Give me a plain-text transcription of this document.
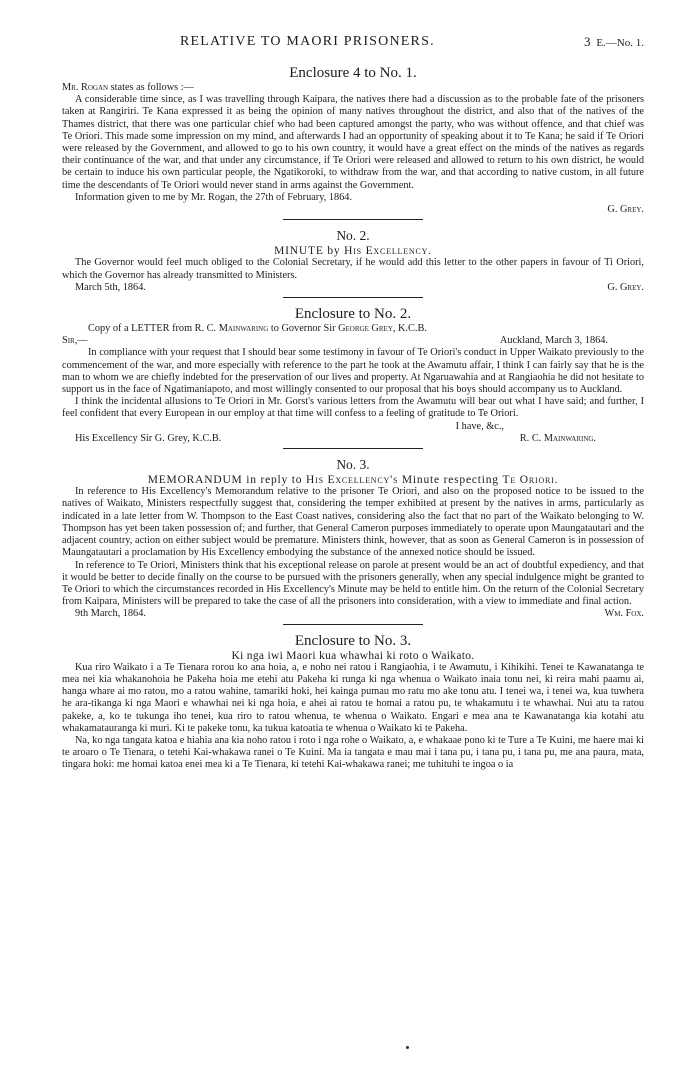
RELATIVE TO MAORI PRISONERS.	3 E.—No. 1.
Enclosure 4 to No. 1.

Mr. Rogan states as follows :—

A considerable time since, as I was travelling through Kaipara, the natives there had a discussion as to the probable fate of the prisoners taken at Rangiriri. Te Kana expressed it as being the opinion of many natives throughout the district, and also that of the natives of the Thames district, that there was one particular chief who had been captured amongst the party, who was without offence, and that chief was Te Oriori. This made some impression on my mind, and afterwards I had an opportunity of speaking about it to Te Kana; he said if Te Oriori were released by the Government, and allowed to go to his own country, it would have a great effect on the minds of the natives as regards their continuance of the war, and that under any circumstance, if Te Oriori were released and allowed to return to his own district, he would be certain to induce his own particular people, the Ngatikoroki, to withdraw from the war, and that according to native custom, in all future time the descendants of Te Oriori would never stand in arms against the Government.

Information given to me by Mr. Rogan, the 27th of February, 1864.

G. Grey.

No. 2.
MINUTE by His Excellency.

The Governor would feel much obliged to the Colonial Secretary, if he would add this letter to the other papers in favour of Ti Oriori, which the Governor has already transmitted to Ministers.

March 5th, 1864.	G. Grey.
Enclosure to No. 2.

Copy of a LETTER from R. C. Mainwaring to Governor Sir George Grey, K.C.B.

Sir,—	Auckland, March 3, 1864.

In compliance with your request that I should bear some testimony in favour of Te Oriori's conduct in Upper Waikato previously to the commencement of the war, and more especially with reference to the part he took at the Awamutu affair, I think I can fairly say that he is the man to whom we are chiefly indebted for the preservation of our lives and property. At Ngaruawahia and at Rangiaohia he did not hesitate to support us in the face of Ngatimaniapoto, and most willingly consented to our proposal that his boys should accompany us to Auckland.

I think the incidental allusions to Te Oriori in Mr. Gorst's various letters from the Awamutu will bear out what I have said; and further, I feel confident that every European in our employ at that time will confess to a feeling of gratitude to Te Oriori.

I have, &c.,

His Excellency Sir G. Grey, K.C.B.	R. C. Mainwaring.
No. 3.
MEMORANDUM in reply to His Excellency's Minute respecting Te Oriori.

In reference to His Excellency's Memorandum relative to the prisoner Te Oriori, and also on the proposed notice to be issued to the natives of Waikato, Ministers respectfully suggest that, considering the temper exhibited at present by the natives in arms, particularly as indicated in a late letter from W. Thompson to the East Coast natives, considering also the fact that no part of the Waikato belonging to W. Thompson has yet been taken possession of; and further, that General Cameron purposes immediately to operate upon Maungatautari and the adjacent country, action on either subject would be premature. Ministers think, however, that as soon as General Cameron is in possession of Maungatautari a proclamation by His Excellency embodying the substance of the annexed notice should be issued.

In reference to Te Oriori, Ministers think that his exceptional release on parole at present would be an act of doubtful expediency, and that it would be better to decide finally on the course to be pursued with the prisoners generally, when any special indulgence might be granted to Te Oriori to which the circumstances recorded in His Excellency's Minute may be held to entitle him. On the return of the Colonial Secretary from Kaipara, Ministers will be prepared to take the case of all the prisoners into consideration, with a view to immediate and final action.

9th March, 1864.	Wm. Fox.
Enclosure to No. 3.
Ki nga iwi Maori kua whawhai ki roto o Waikato.

Kua riro Waikato i a Te Tienara rorou ko ana hoia, a, e noho nei ratou i Rangiaohia, i te Awamutu, i Kihikihi. Tenei te Kawanatanga te mea nei kia whakanohoia he Pakeha hoia me etehi atu Pakeha ki runga ki nga whenua o Waikato inaia tonu nei, ki reira mahi paamu ai, hanga whare ai mo ratou, mo a ratou wahine, tamariki hoki, hei kainga pumau mo ratu mo ake tonu atu. I tenei wa, i tenei wa, kua tuwhera he ara-tikanga ki nga Maori e whawhai nei ki nga hoia, e ahei ai ratou te homai a ratou pu, te whakamutu i te whawhai. Nui atu ta ratou pakeke, a, ko te tukunga iho tenei, kua riro to ratou whenua, te whenua o Waikato. Engari e mea ana te Kawanatanga kia kotahi atu whakamataurangа ki muri. Ki te pakeke tonu, ka tukua katoatia te whenua o Waikato ki te Pakeha.

Na, ko nga tangata katoa e hiahia ana kia noho ratou i roto i nga rohe o Waikato, a, e whakaae pono ki te Ture a Te Kuini, me haere mai ki te aroaro o Te Tienara, o tetehi Kai-whakawa ranei o Te Kuini. Ma ia tangata e mau mai i tana pu, i tana pu, i tana pu, me ana paura, mata, tingara hoki: me homai katoa enei mea ki a Te Tienara, ki tetehi Kai-whakawa ranei; me tuhituhi te ingoa o ia
